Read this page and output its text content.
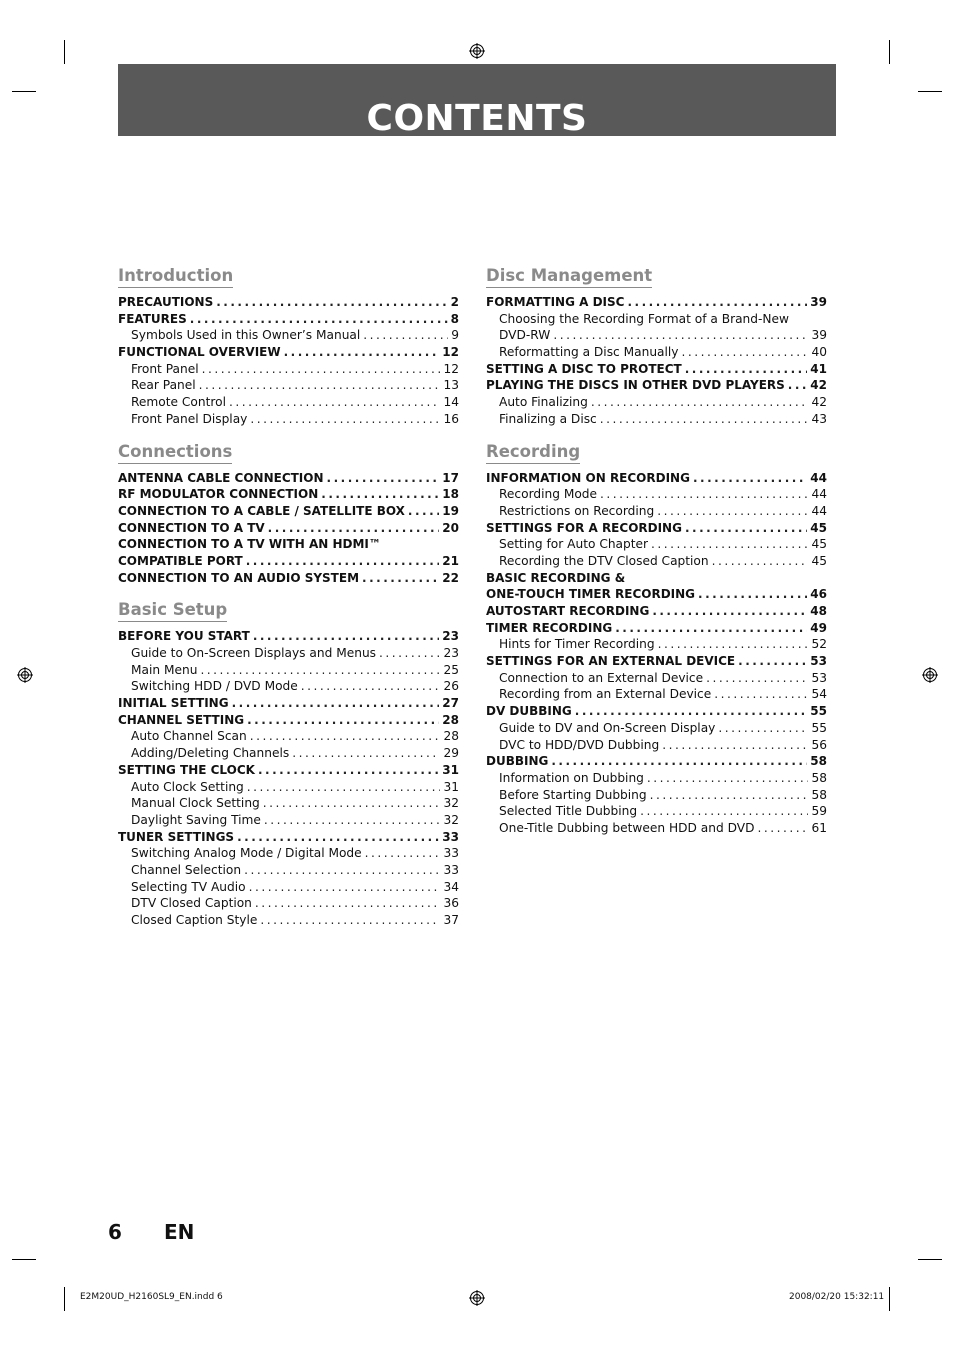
CONTENTS
Introduction
PRECAUTIONS .....	2
FEATURES .....	8
Symbols Used in this Owner’s Manual .....	9
FUNCTIONAL OVERVIEW .....	12
Front Panel .....	12
Rear Panel .....	13
Remote Control .....	14
Front Panel Display .....	16
Connections
ANTENNA CABLE CONNECTION .....	17
RF MODULATOR CONNECTION .....	18
CONNECTION TO A CABLE / SATELLITE BOX .....	19
CONNECTION TO A TV .....	20
CONNECTION TO A TV WITH AN HDMI™
COMPATIBLE PORT .....	21
CONNECTION TO AN AUDIO SYSTEM .....	22
Basic Setup
BEFORE YOU START .....	23
Guide to On-Screen Displays and Menus .....	23
Main Menu .....	25
Switching HDD / DVD Mode .....	26
INITIAL SETTING .....	27
CHANNEL SETTING .....	28
Auto Channel Scan .....	28
Adding/Deleting Channels .....	29
SETTING THE CLOCK .....	31
Auto Clock Setting .....	31
Manual Clock Setting .....	32
Daylight Saving Time .....	32
TUNER SETTINGS .....	33
Switching Analog Mode / Digital Mode .....	33
Channel Selection .....	33
Selecting TV Audio .....	34
DTV Closed Caption .....	36
Closed Caption Style .....	37
Disc Management
FORMATTING A DISC .....	39
Choosing the Recording Format of a Brand-New
DVD-RW .....	39
Reformatting a Disc Manually .....	40
SETTING A DISC TO PROTECT .....	41
PLAYING THE DISCS IN OTHER DVD PLAYERS ..... 42
Auto Finalizing .....	42
Finalizing a Disc .....	43
Recording
INFORMATION ON RECORDING .....	44
Recording Mode .....	44
Restrictions on Recording .....	44
SETTINGS FOR A RECORDING .....	45
Setting for Auto Chapter .....	45
Recording the DTV Closed Caption .....	45
BASIC RECORDING &
ONE-TOUCH TIMER RECORDING .....	46
AUTOSTART RECORDING .....	48
TIMER RECORDING .....	49
Hints for Timer Recording .....	52
SETTINGS FOR AN EXTERNAL DEVICE .....	53
Connection to an External Device .....	53
Recording from an External Device .....	54
DV DUBBING .....	55
Guide to DV and On-Screen Display .....	55
DVC to HDD/DVD Dubbing .....	56
DUBBING .....	58
Information on Dubbing .....	58
Before Starting Dubbing .....	58
Selected Title Dubbing .....	59
One-Title Dubbing between HDD and DVD .....	61
6 EN
E2M20UD_H2160SL9_EN.indd 6	2008/02/20 15:32:11
